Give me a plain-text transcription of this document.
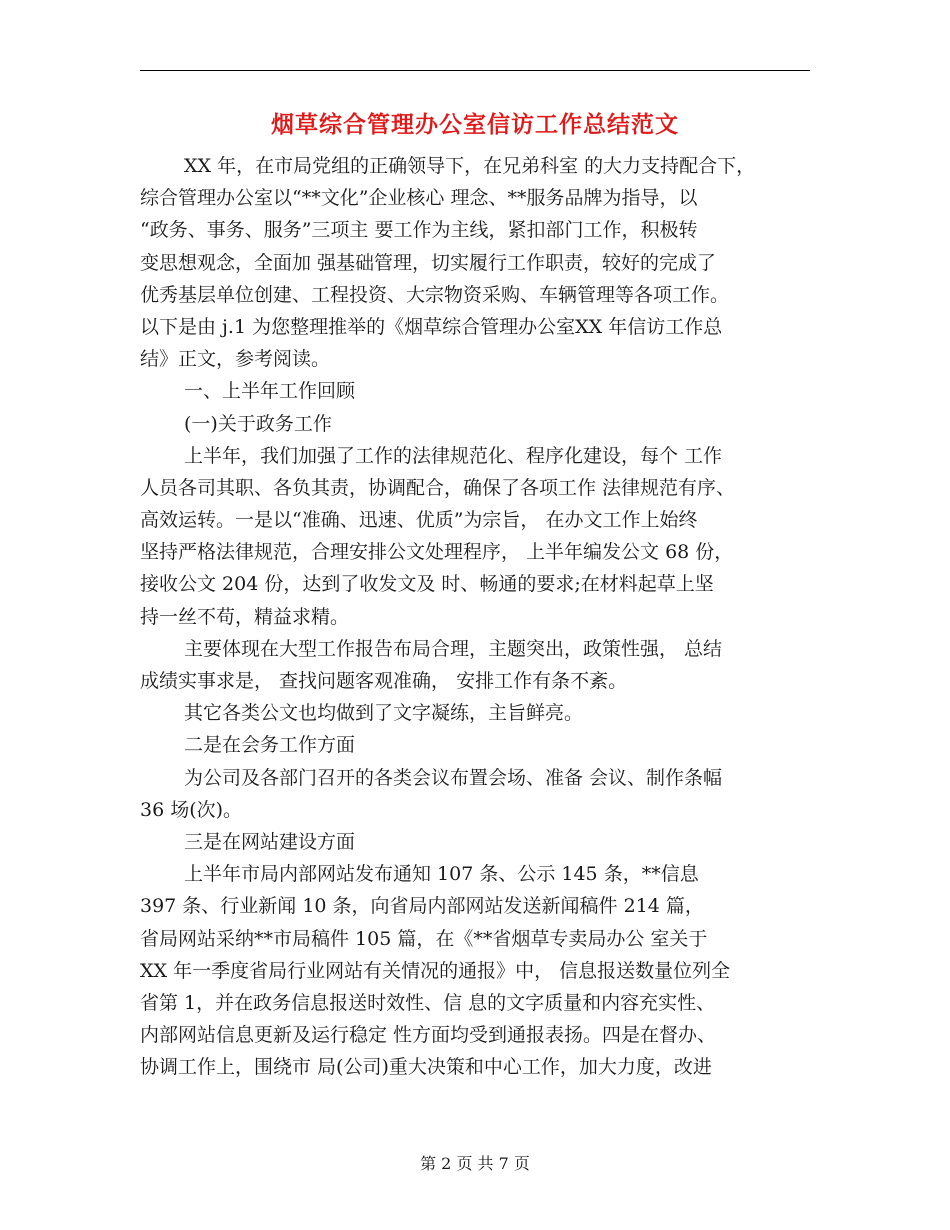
烟草综合管理办公室信访工作总结范文
XX 年，在市局党组的正确领导下，在兄弟科室 的大力支持配合下，
综合管理办公室以“**文化”企业核心 理念、**服务品牌为指导，以
“政务、事务、服务”三项主 要工作为主线，紧扣部门工作，积极转
变思想观念，全面加 强基础管理，切实履行工作职责，较好的完成了
优秀基层单位创建、工程投资、大宗物资采购、车辆管理等各项工作。
以下是由 j.1 为您整理推举的《烟草综合管理办公室XX 年信访工作总
结》正文，参考阅读。
一、上半年工作回顾
(一)关于政务工作
上半年，我们加强了工作的法律规范化、程序化建设，每个 工作
人员各司其职、各负其责，协调配合，确保了各项工作 法律规范有序、
高效运转。一是以“准确、迅速、优质”为宗旨， 在办文工作上始终
坚持严格法律规范，合理安排公文处理程序， 上半年编发公文 68 份，
接收公文 204 份，达到了收发文及 时、畅通的要求;在材料起草上坚
持一丝不苟，精益求精。
主要体现在大型工作报告布局合理，主题突出，政策性强， 总结
成绩实事求是， 查找问题客观准确， 安排工作有条不紊。
其它各类公文也均做到了文字凝练，主旨鲜亮。
二是在会务工作方面
为公司及各部门召开的各类会议布置会场、准备 会议、制作条幅
36 场(次)。
三是在网站建设方面
上半年市局内部网站发布通知 107 条、公示 145 条，**信息
397 条、行业新闻 10 条，向省局内部网站发送新闻稿件 214 篇，
省局网站采纳**市局稿件 105 篇，在《**省烟草专卖局办公 室关于
XX 年一季度省局行业网站有关情况的通报》中， 信息报送数量位列全
省第 1，并在政务信息报送时效性、信 息的文字质量和内容充实性、
内部网站信息更新及运行稳定 性方面均受到通报表扬。四是在督办、
协调工作上，围绕市 局(公司)重大决策和中心工作，加大力度，改进
第 2 页 共 7 页
